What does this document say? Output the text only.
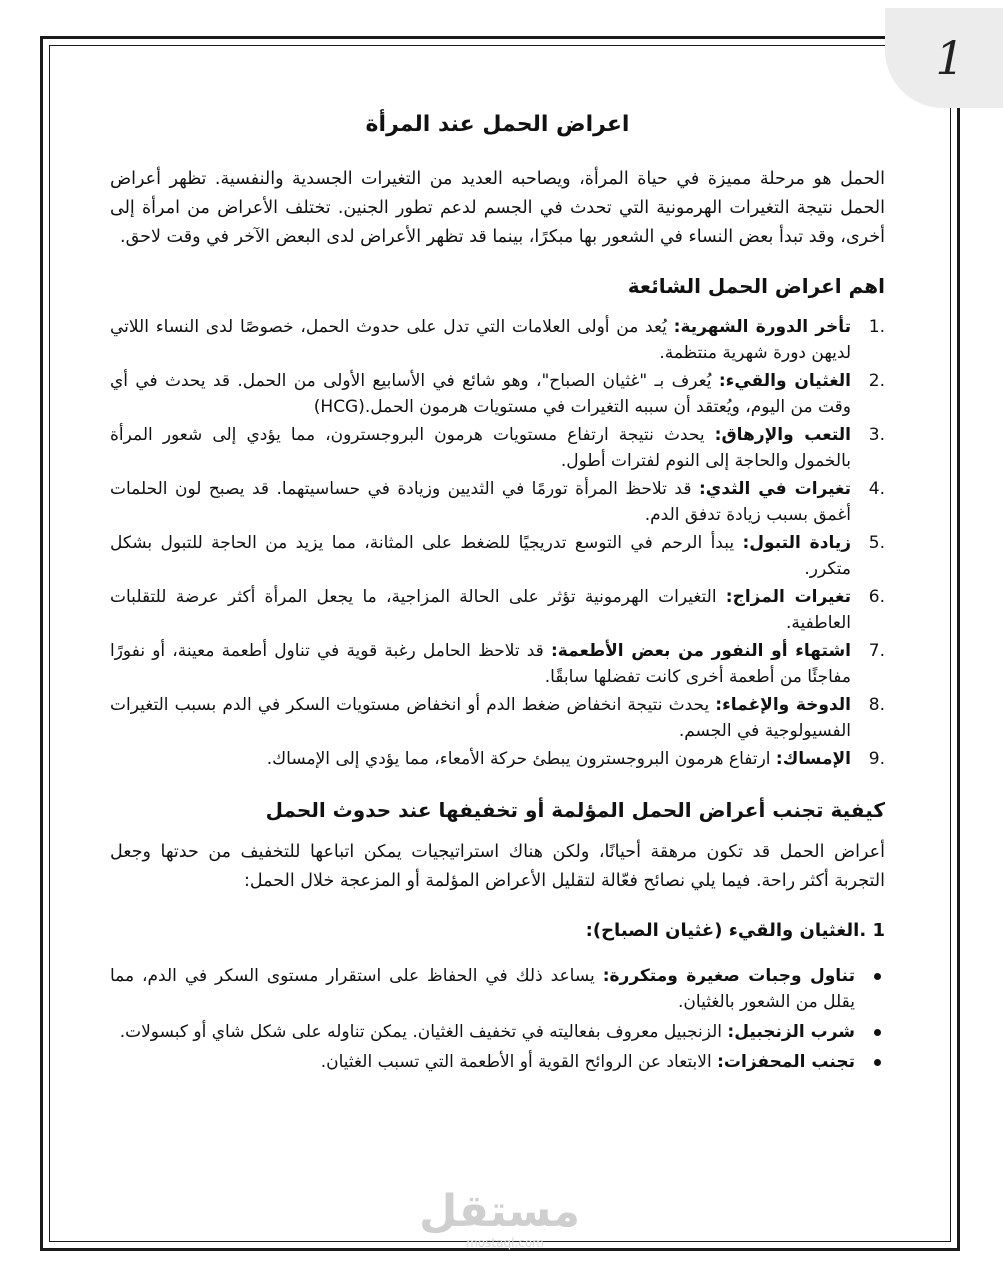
1
اعراض الحمل عند المرأة

الحمل هو مرحلة مميزة في حياة المرأة، ويصاحبه العديد من التغيرات الجسدية والنفسية. تظهر أعراض الحمل نتيجة التغيرات الهرمونية التي تحدث في الجسم لدعم تطور الجنين. تختلف الأعراض من امرأة إلى أخرى، وقد تبدأ بعض النساء في الشعور بها مبكرًا، بينما قد تظهر الأعراض لدى البعض الآخر في وقت لاحق.

اهم اعراض الحمل الشائعة
1.
تأخر الدورة الشهرية: يُعد من أولى العلامات التي تدل على حدوث الحمل، خصوصًا لدى النساء اللاتي لديهن دورة شهرية منتظمة.
2.
الغثيان والقيء: يُعرف بـ "غثيان الصباح"، وهو شائع في الأسابيع الأولى من الحمل. قد يحدث في أي وقت من اليوم، ويُعتقد أن سببه التغيرات في مستويات هرمون الحمل.(HCG)
3.
التعب والإرهاق: يحدث نتيجة ارتفاع مستويات هرمون البروجسترون، مما يؤدي إلى شعور المرأة بالخمول والحاجة إلى النوم لفترات أطول.
4.
تغيرات في الثدي: قد تلاحظ المرأة تورمًا في الثديين وزيادة في حساسيتهما. قد يصبح لون الحلمات أغمق بسبب زيادة تدفق الدم.
5.
زيادة التبول: يبدأ الرحم في التوسع تدريجيًا للضغط على المثانة، مما يزيد من الحاجة للتبول بشكل متكرر.
6.
تغيرات المزاج: التغيرات الهرمونية تؤثر على الحالة المزاجية، ما يجعل المرأة أكثر عرضة للتقلبات العاطفية.
7.
اشتهاء أو النفور من بعض الأطعمة: قد تلاحظ الحامل رغبة قوية في تناول أطعمة معينة، أو نفورًا مفاجئًا من أطعمة أخرى كانت تفضلها سابقًا.
8.
الدوخة والإغماء: يحدث نتيجة انخفاض ضغط الدم أو انخفاض مستويات السكر في الدم بسبب التغيرات الفسيولوجية في الجسم.
9.
الإمساك: ارتفاع هرمون البروجسترون يبطئ حركة الأمعاء، مما يؤدي إلى الإمساك.
كيفية تجنب أعراض الحمل المؤلمة أو تخفيفها عند حدوث الحمل

أعراض الحمل قد تكون مرهقة أحيانًا، ولكن هناك استراتيجيات يمكن اتباعها للتخفيف من حدتها وجعل التجربة أكثر راحة. فيما يلي نصائح فعّالة لتقليل الأعراض المؤلمة أو المزعجة خلال الحمل:

1 .الغثيان والقيء (غثيان الصباح):
تناول وجبات صغيرة ومتكررة: يساعد ذلك في الحفاظ على استقرار مستوى السكر في الدم، مما يقلل من الشعور بالغثيان.
شرب الزنجبيل: الزنجبيل معروف بفعاليته في تخفيف الغثيان. يمكن تناوله على شكل شاي أو كبسولات.
تجنب المحفزات: الابتعاد عن الروائح القوية أو الأطعمة التي تسبب الغثيان.
مستقل
mostaql.com
